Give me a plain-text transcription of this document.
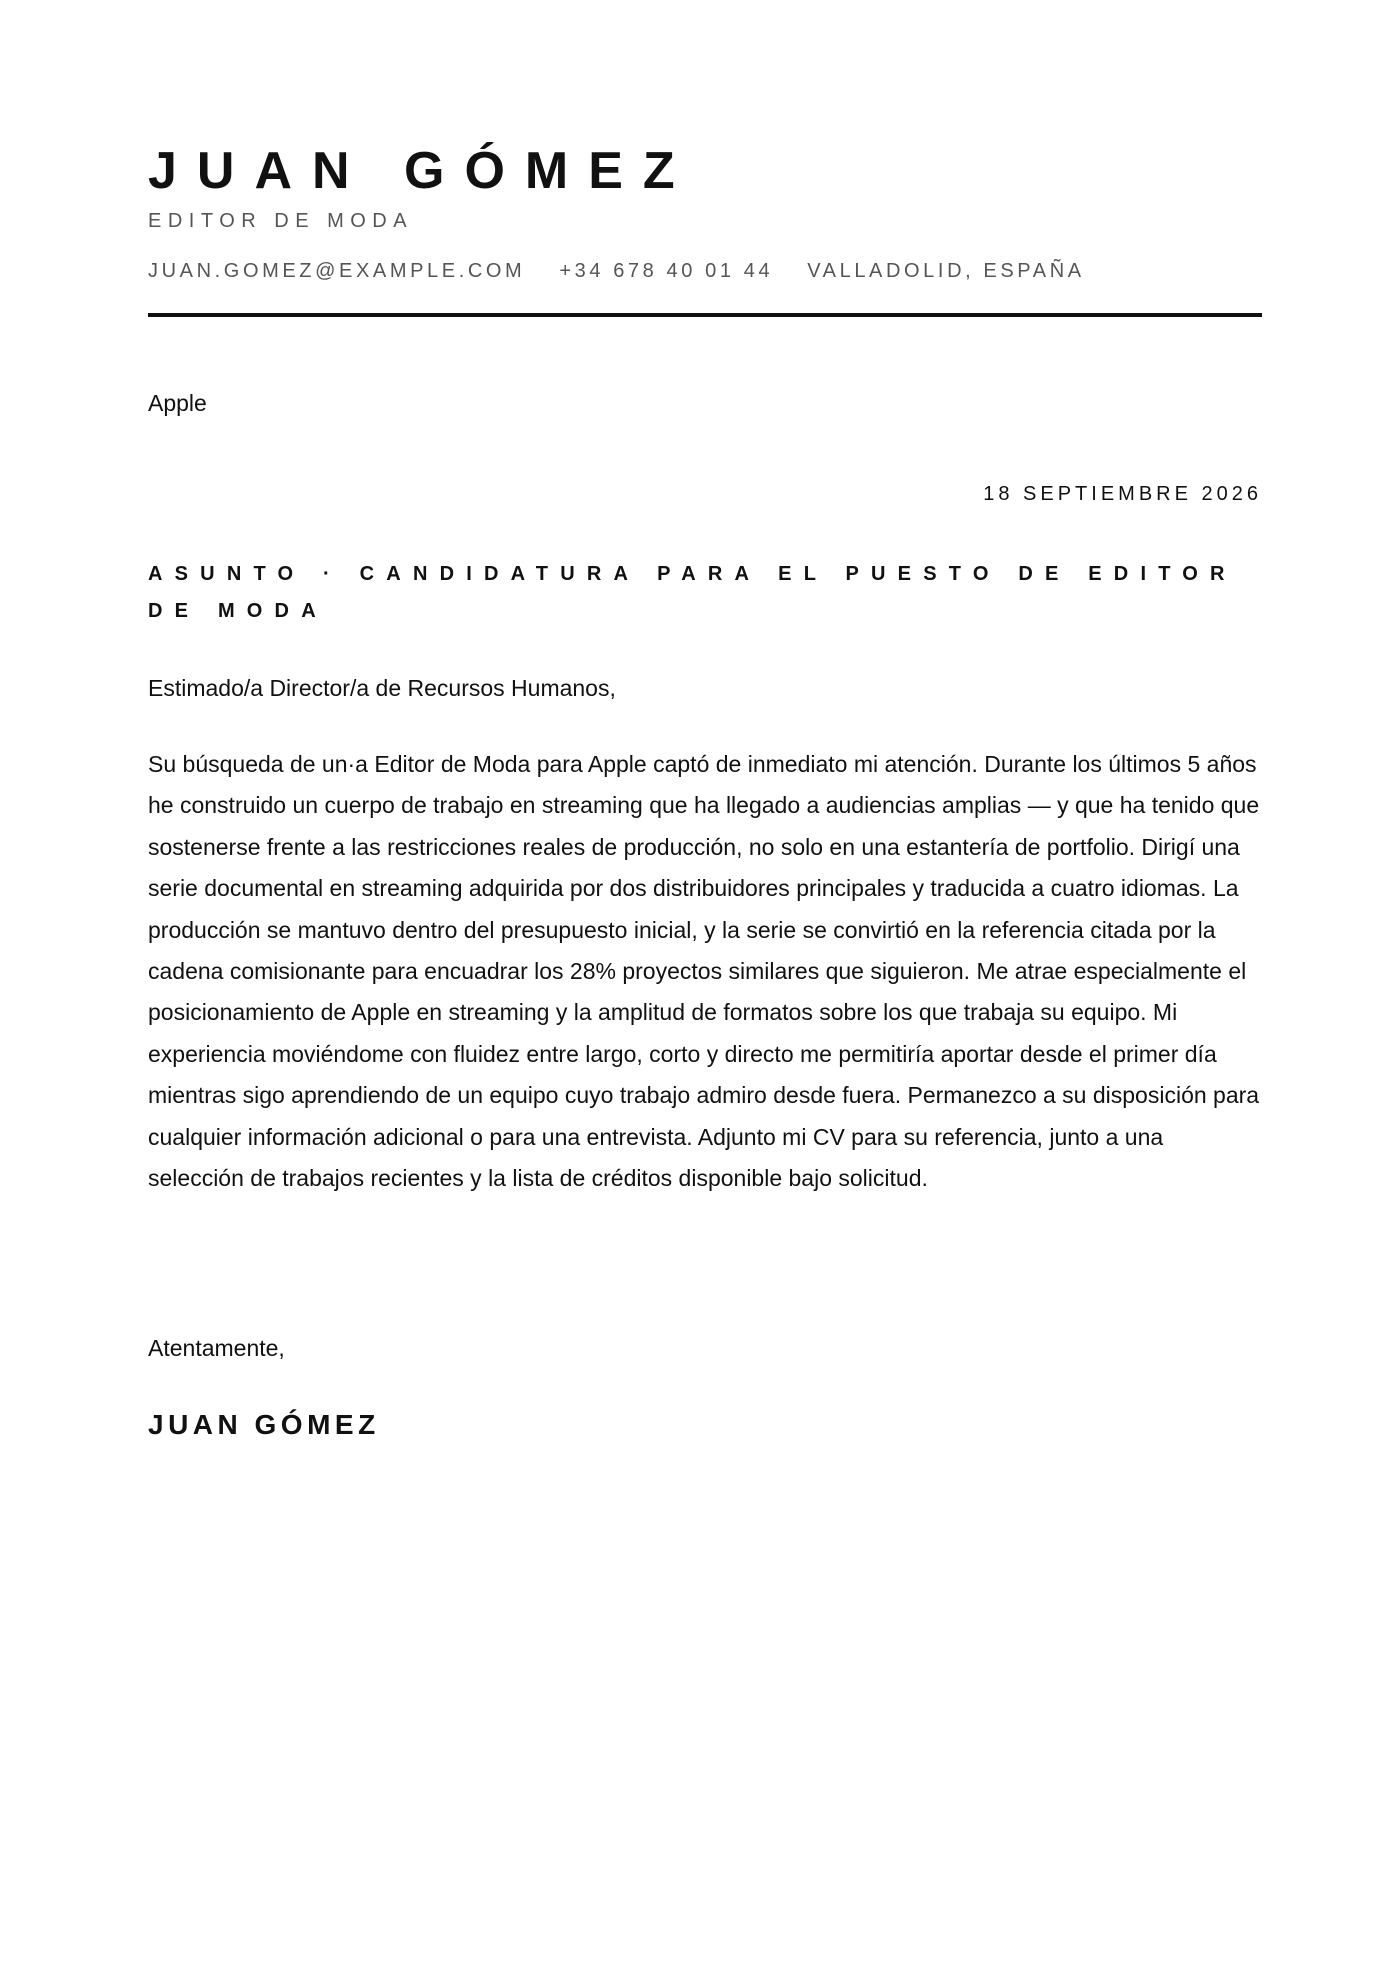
JUAN GÓMEZ
EDITOR DE MODA
JUAN.GOMEZ@EXAMPLE.COM +34 678 40 01 44 VALLADOLID, ESPAÑA
Apple
18 SEPTIEMBRE 2026
ASUNTO · CANDIDATURA PARA EL PUESTO DE EDITOR DE MODA
Estimado/a Director/a de Recursos Humanos,

Su búsqueda de un·a Editor de Moda para Apple captó de inmediato mi atención. Durante los últimos 5 años he construido un cuerpo de trabajo en streaming que ha llegado a audiencias amplias — y que ha tenido que sostenerse frente a las restricciones reales de producción, no solo en una estantería de portfolio. Dirigí una serie documental en streaming adquirida por dos distribuidores principales y traducida a cuatro idiomas. La producción se mantuvo dentro del presupuesto inicial, y la serie se convirtió en la referencia citada por la cadena comisionante para encuadrar los 28% proyectos similares que siguieron. Me atrae especialmente el posicionamiento de Apple en streaming y la amplitud de formatos sobre los que trabaja su equipo. Mi experiencia moviéndome con fluidez entre largo, corto y directo me permitiría aportar desde el primer día mientras sigo aprendiendo de un equipo cuyo trabajo admiro desde fuera. Permanezco a su disposición para cualquier información adicional o para una entrevista. Adjunto mi CV para su referencia, junto a una selección de trabajos recientes y la lista de créditos disponible bajo solicitud.

Atentamente,
JUAN GÓMEZ
